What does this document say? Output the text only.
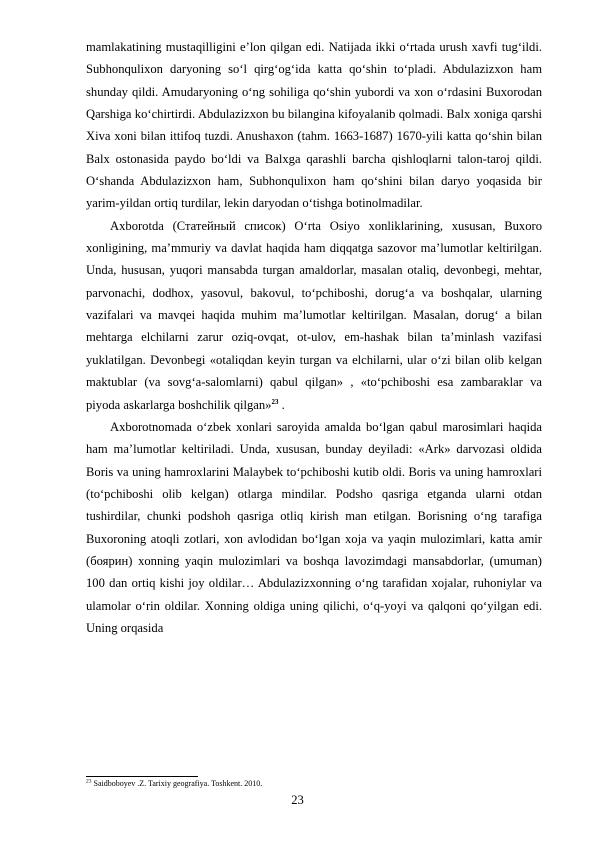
mamlakatining mustaqilligini e’lon qilgan edi. Natijada ikki o‘rtada urush xavfi tug‘ildi. Subhonqulixon daryoning so‘l qirg‘og‘ida katta qo‘shin to‘pladi. Abdulazizxon ham shunday qildi. Amudaryoning o‘ng sohiliga qo‘shin yubordi va xon o‘rdasini Buxorodan Qarshiga ko‘chirtirdi. Abdulazizxon bu bilangina kifoyalanib qolmadi. Balx xoniga qarshi Xiva xoni bilan ittifoq tuzdi. Anushaxon (tahm. 1663-1687) 1670-yili katta qo‘shin bilan Balx ostonasida paydo bo‘ldi va Balxga qarashli barcha qishloqlarni talon-taroj qildi. O‘shanda Abdulazizxon ham, Subhonqulixon ham qo‘shini bilan daryo yoqasida bir yarim-yildan ortiq turdilar, lekin daryodan o‘tishga botinolmadilar.

Axborotda (Статейный список) O‘rta Osiyo xonliklarining, xususan, Buxoro xonligining, ma’mmuriy va davlat haqida ham diqqatga sazovor ma’lumotlar keltirilgan. Unda, hususan, yuqori mansabda turgan amaldorlar, masalan otaliq, devonbegi, mehtar, parvonachi, dodhox, yasovul, bakovul, to‘pchiboshi, dorug‘a va boshqalar, ularning vazifalari va mavqei haqida muhim ma’lumotlar keltirilgan. Masalan, dorug‘ a bilan mehtarga elchilarni zarur oziq-ovqat, ot-ulov, em-hashak bilan ta’minlash vazifasi yuklatilgan. Devonbegi «otaliqdan keyin turgan va elchilarni, ular o‘zi bilan olib kelgan maktublar (va sovg‘a-salomlarni) qabul qilgan» , «to‘pchiboshi esa zambaraklar va piyoda askarlarga boshchilik qilgan»$^{23}$ .

Axborotnomada o‘zbek xonlari saroyida amalda bo‘lgan qabul marosimlari haqida ham ma’lumotlar keltiriladi. Unda, xususan, bunday deyiladi: «Ark» darvozasi oldida Boris va uning hamroxlarini Malaybek to‘pchiboshi kutib oldi. Boris va uning hamroxlari (to‘pchiboshi olib kelgan) otlarga mindilar. Podsho qasriga etganda ularni otdan tushirdilar, chunki podshoh qasriga otliq kirish man etilgan. Borisning o‘ng tarafiga Buxoroning atoqli zotlari, xon avlodidan bo‘lgan xoja va yaqin mulozimlari, katta amir (боярин) xonning yaqin mulozimlari va boshqa lavozimdagi mansabdorlar, (umuman) 100 dan ortiq kishi joy oldilar… Abdulazizxonning o‘ng tarafidan xojalar, ruhoniylar va ulamolar o‘rin oldilar. Xonning oldiga uning qilichi, o‘q-yoyi va qalqoni qo‘yilgan edi. Uning orqasida

$^{23}$ Saidboboyev .Z. Tarixiy geografiya. Toshkent. 2010.
23
